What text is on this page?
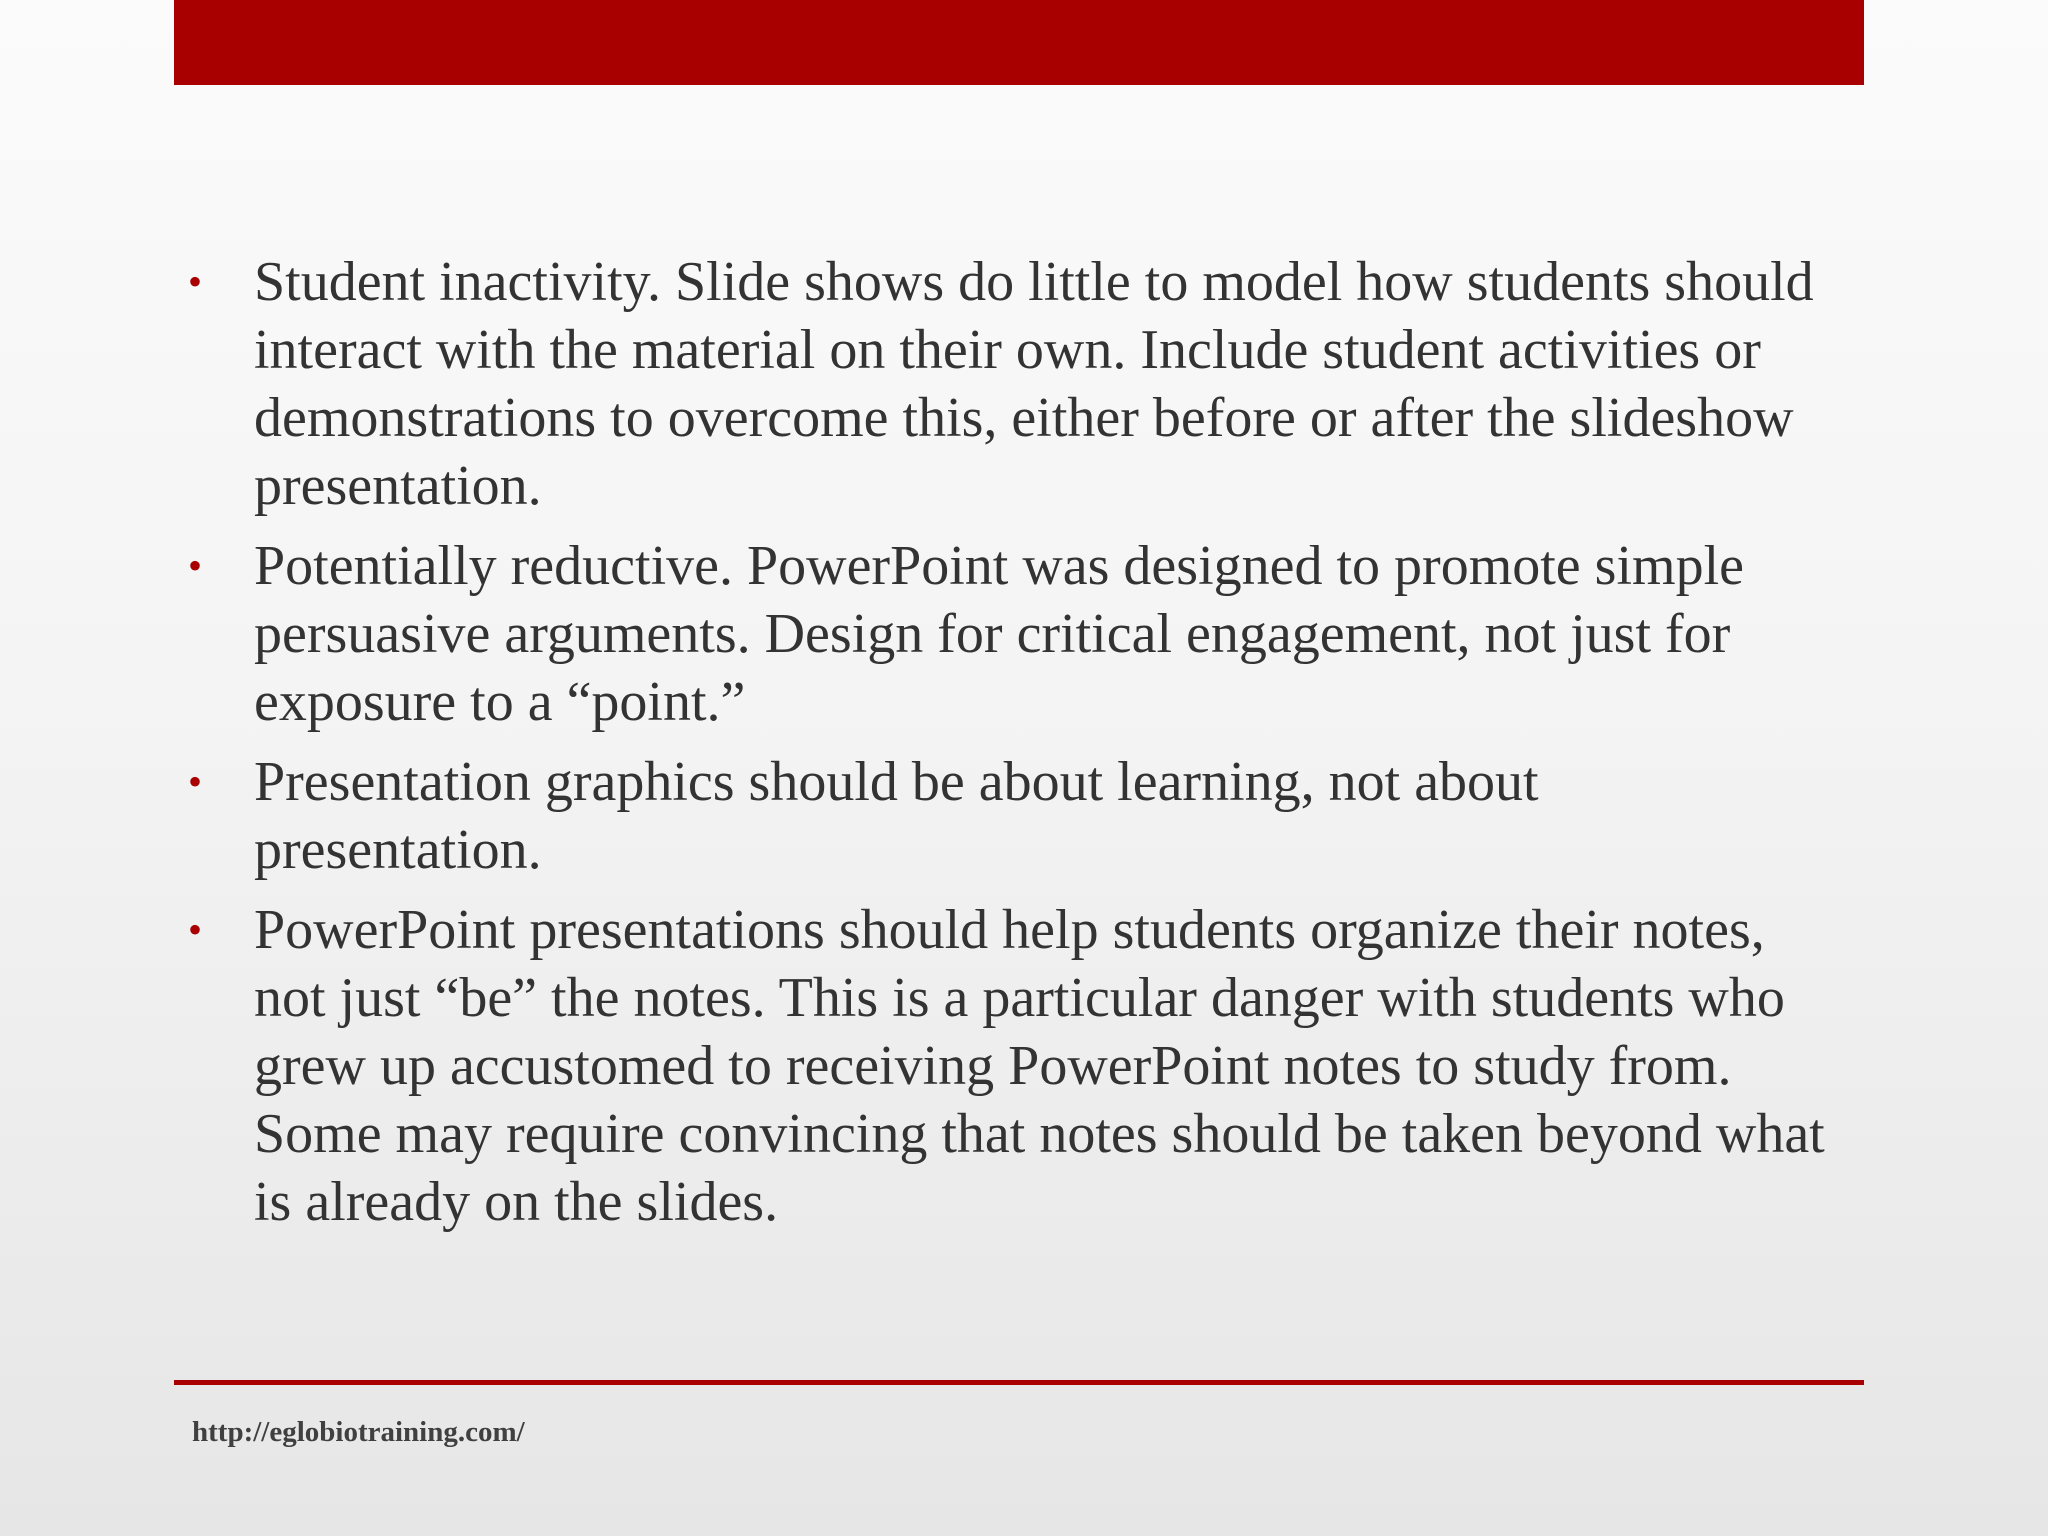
• Student inactivity. Slide shows do little to model how students should interact with the material on their own. Include student activities or demonstrations to overcome this, either before or after the slideshow presentation.
• Potentially reductive. PowerPoint was designed to promote simple persuasive arguments. Design for critical engagement, not just for exposure to a “point.”
• Presentation graphics should be about learning, not about presentation.
• PowerPoint presentations should help students organize their notes, not just “be” the notes. This is a particular danger with students who grew up accustomed to receiving PowerPoint notes to study from. Some may require convincing that notes should be taken beyond what is already on the slides.
http://eglobiotraining.com/
